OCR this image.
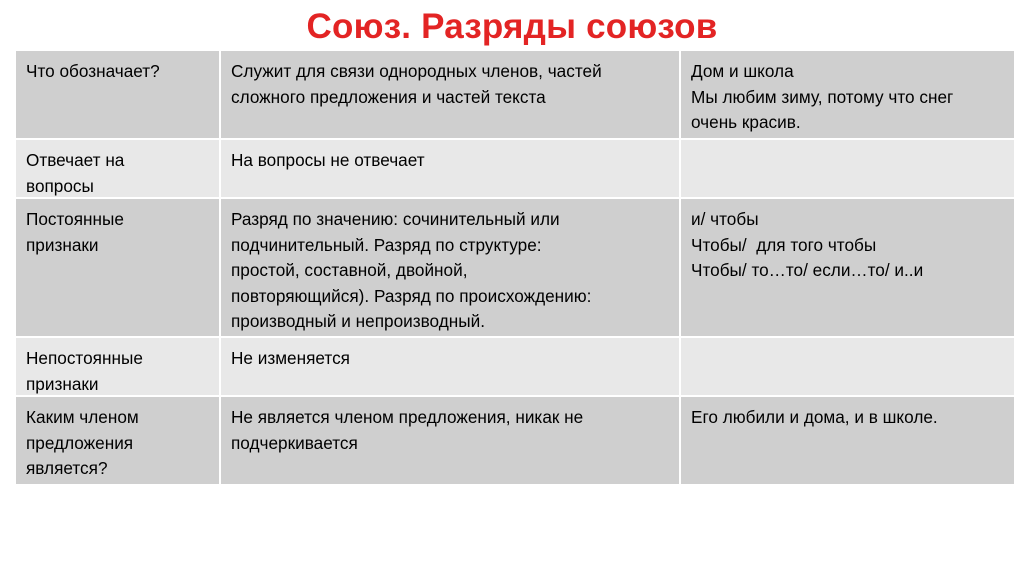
Союз. Разряды союзов
Что обозначает?	Служит для связи однородных членов, частей
сложного предложения и частей текста
Дом и школа
Мы любим зиму, потому что снег
очень красив.
Отвечает на
вопросы
На вопросы не отвечает
Постоянные
признаки
Разряд по значению: сочинительный или
подчинительный. Разряд по структуре:
простой, составной, двойной,
повторяющийся). Разряд по происхождению:
производный и непроизводный.
и/ чтобы
Чтобы/  для того чтобы
Чтобы/ то…то/ если…то/ и..и
Непостоянные
признаки
Не изменяется
Каким членом
предложения
является?
Не является членом предложения, никак не
подчеркивается
Его любили и дома, и в школе.
